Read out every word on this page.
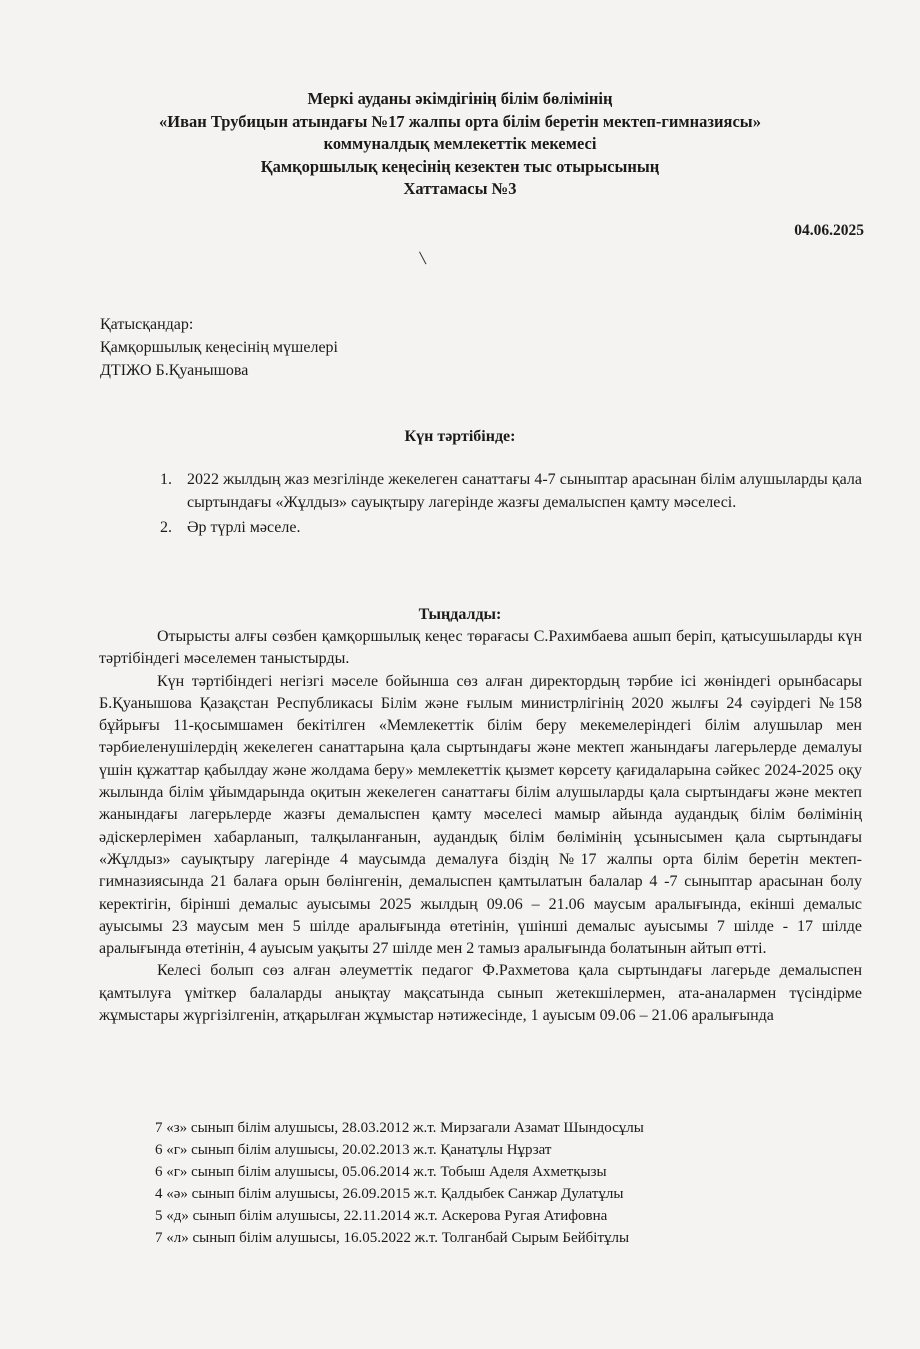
Меркі ауданы әкімдігінің білім бөлімінің
«Иван Трубицын атындағы №17 жалпы орта білім беретін мектеп-гимназиясы»
коммуналдық мемлекеттік мекемесі
Қамқоршылық кеңесінің кезектен тыс отырысының
Хаттамасы №3
04.06.2025
Қатысқандар:
Қамқоршылық кеңесінің мүшелері
ДТІЖО Б.Қуанышова
Күн тәртібінде:
1. 2022 жылдың жаз мезгілінде жекелеген санаттағы 4-7 сыныптар арасынан білім алушыларды қала сыртындағы «Жұлдыз» сауықтыру лагерінде жазғы демалыспен қамту мәселесі.
2. Әр түрлі мәселе.
Тыңдалды:

Отырысты алғы сөзбен қамқоршылық кеңес төрағасы С.Рахимбаева ашып беріп, қатысушыларды күн тәртібіндегі мәселемен таныстырды.

Күн тәртібіндегі негізгі мәселе бойынша сөз алған директордың тәрбие ісі жөніндегі орынбасары Б.Қуанышова Қазақстан Республикасы Білім және ғылым министрлігінің 2020 жылғы 24 сәуірдегі №158 бұйрығы 11-қосымшамен бекітілген «Мемлекеттік білім беру мекемелеріндегі білім алушылар мен тәрбиеленушілердің жекелеген санаттарына қала сыртындағы және мектеп жанындағы лагерьлерде демалуы үшін құжаттар қабылдау және жолдама беру» мемлекеттік қызмет көрсету қағидаларына сәйкес 2024-2025 оқу жылында білім ұйымдарында оқитын жекелеген санаттағы білім алушыларды қала сыртындағы және мектеп жанындағы лагерьлерде жазғы демалыспен қамту мәселесі мамыр айында аудандық білім бөлімінің әдіскерлерімен хабарланып, талқыланғанын, аудандық білім бөлімінің ұсынысымен қала сыртындағы «Жұлдыз» сауықтыру лагерінде 4 маусымда демалуға біздің №17 жалпы орта білім беретін мектеп-гимназиясында 21 балаға орын бөлінгенін, демалыспен қамтылатын балалар 4 -7 сыныптар арасынан болу керектігін, бірінші демалыс ауысымы 2025 жылдың 09.06 – 21.06 маусым аралығында, екінші демалыс ауысымы 23 маусым мен 5 шілде аралығында өтетінін, үшінші демалыс ауысымы 7 шілде - 17 шілде аралығында өтетінін, 4 ауысым уақыты 27 шілде мен 2 тамыз аралығында болатынын айтып өтті.

Келесі болып сөз алған әлеуметтік педагог Ф.Рахметова қала сыртындағы лагерьде демалыспен қамтылуға үміткер балаларды анықтау мақсатында сынып жетекшілермен, ата-аналармен түсіндірме жұмыстары жүргізілгенін, атқарылған жұмыстар нәтижесінде, 1 ауысым 09.06 – 21.06 аралығында

7 «з» сынып білім алушысы, 28.03.2012 ж.т. Мирзагали Азамат Шындосұлы
6 «г» сынып білім алушысы, 20.02.2013 ж.т. Қанатұлы Нұрзат
6 «г» сынып білім алушысы, 05.06.2014 ж.т. Тобыш Аделя Ахметқызы
4 «ә» сынып білім алушысы, 26.09.2015 ж.т. Қалдыбек Санжар Дулатұлы
5 «д» сынып білім алушысы, 22.11.2014 ж.т. Аскерова Ругая Атифовна
7 «л» сынып білім алушысы, 16.05.2022 ж.т. Толганбай Сырым Бейбітұлы
